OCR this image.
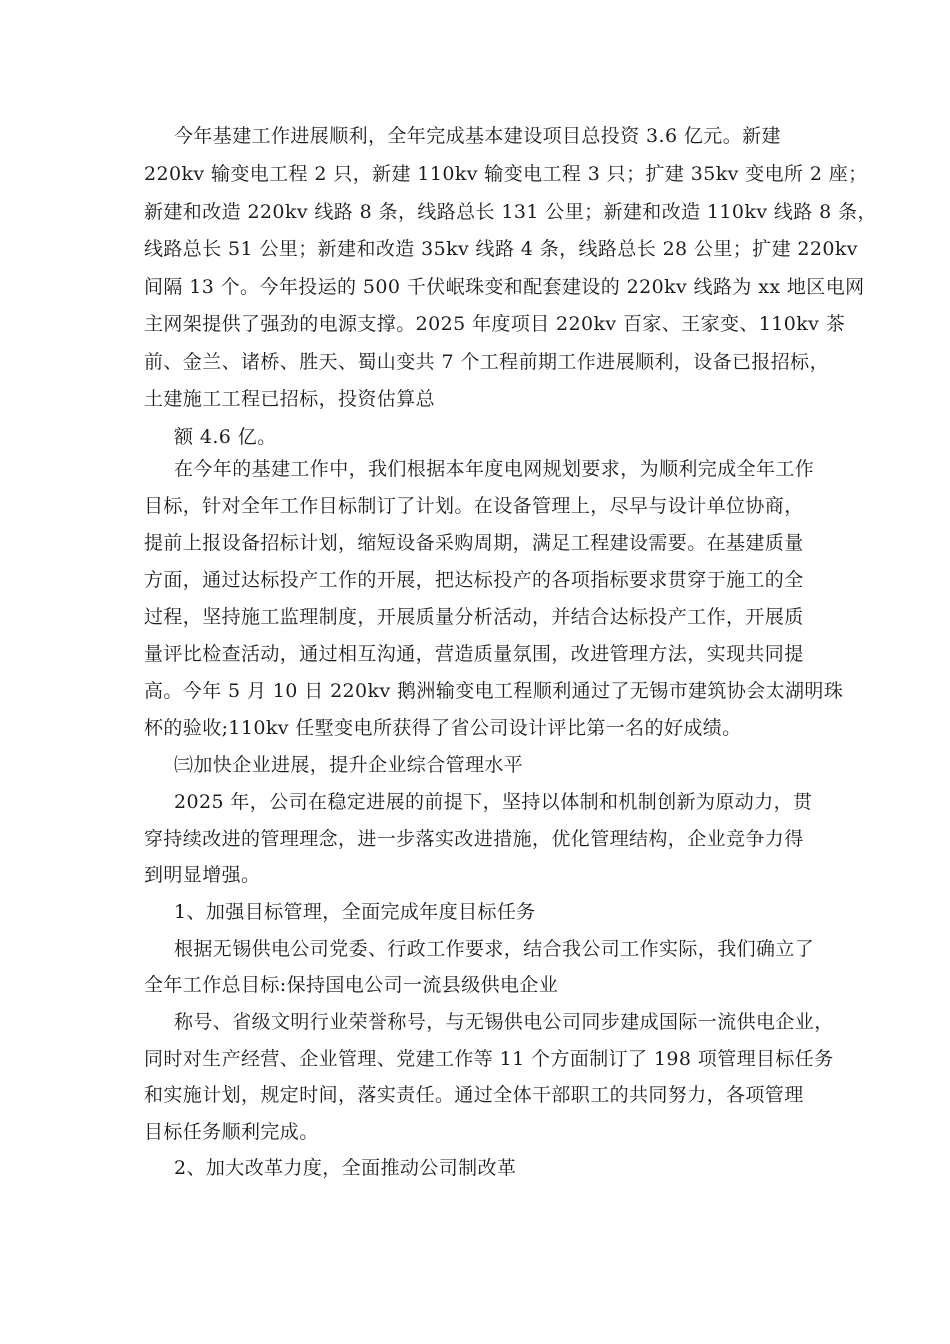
今年基建工作进展顺利，全年完成基本建设项目总投资 3.6 亿元。新建
220kv 输变电工程 2 只，新建 110kv 输变电工程 3 只；扩建 35kv 变电所 2 座；
新建和改造 220kv 线路 8 条，线路总长 131 公里；新建和改造 110kv 线路 8 条，
线路总长 51 公里；新建和改造 35kv 线路 4 条，线路总长 28 公里；扩建 220kv
间隔 13 个。今年投运的 500 千伏岷珠变和配套建设的 220kv 线路为 xx 地区电网
主网架提供了强劲的电源支撑。2025 年度项目 220kv 百家、王家变、110kv 茶
前、金兰、诸桥、胜天、蜀山变共 7 个工程前期工作进展顺利，设备已报招标，
土建施工工程已招标，投资估算总
额 4.6 亿。
在今年的基建工作中，我们根据本年度电网规划要求，为顺利完成全年工作
目标，针对全年工作目标制订了计划。在设备管理上，尽早与设计单位协商，
提前上报设备招标计划，缩短设备采购周期，满足工程建设需要。在基建质量
方面，通过达标投产工作的开展，把达标投产的各项指标要求贯穿于施工的全
过程，坚持施工监理制度，开展质量分析活动，并结合达标投产工作，开展质
量评比检查活动，通过相互沟通，营造质量氛围，改进管理方法，实现共同提
高。今年 5 月 10 日 220kv 鹅洲输变电工程顺利通过了无锡市建筑协会太湖明珠
杯的验收;110kv 任墅变电所获得了省公司设计评比第一名的好成绩。
㈢加快企业进展，提升企业综合管理水平
2025 年，公司在稳定进展的前提下，坚持以体制和机制创新为原动力，贯
穿持续改进的管理理念，进一步落实改进措施，优化管理结构，企业竞争力得
到明显增强。
1、加强目标管理，全面完成年度目标任务
根据无锡供电公司党委、行政工作要求，结合我公司工作实际，我们确立了
全年工作总目标:保持国电公司一流县级供电企业
称号、省级文明行业荣誉称号，与无锡供电公司同步建成国际一流供电企业，
同时对生产经营、企业管理、党建工作等 11 个方面制订了 198 项管理目标任务
和实施计划，规定时间，落实责任。通过全体干部职工的共同努力，各项管理
目标任务顺利完成。
2、加大改革力度，全面推动公司制改革
